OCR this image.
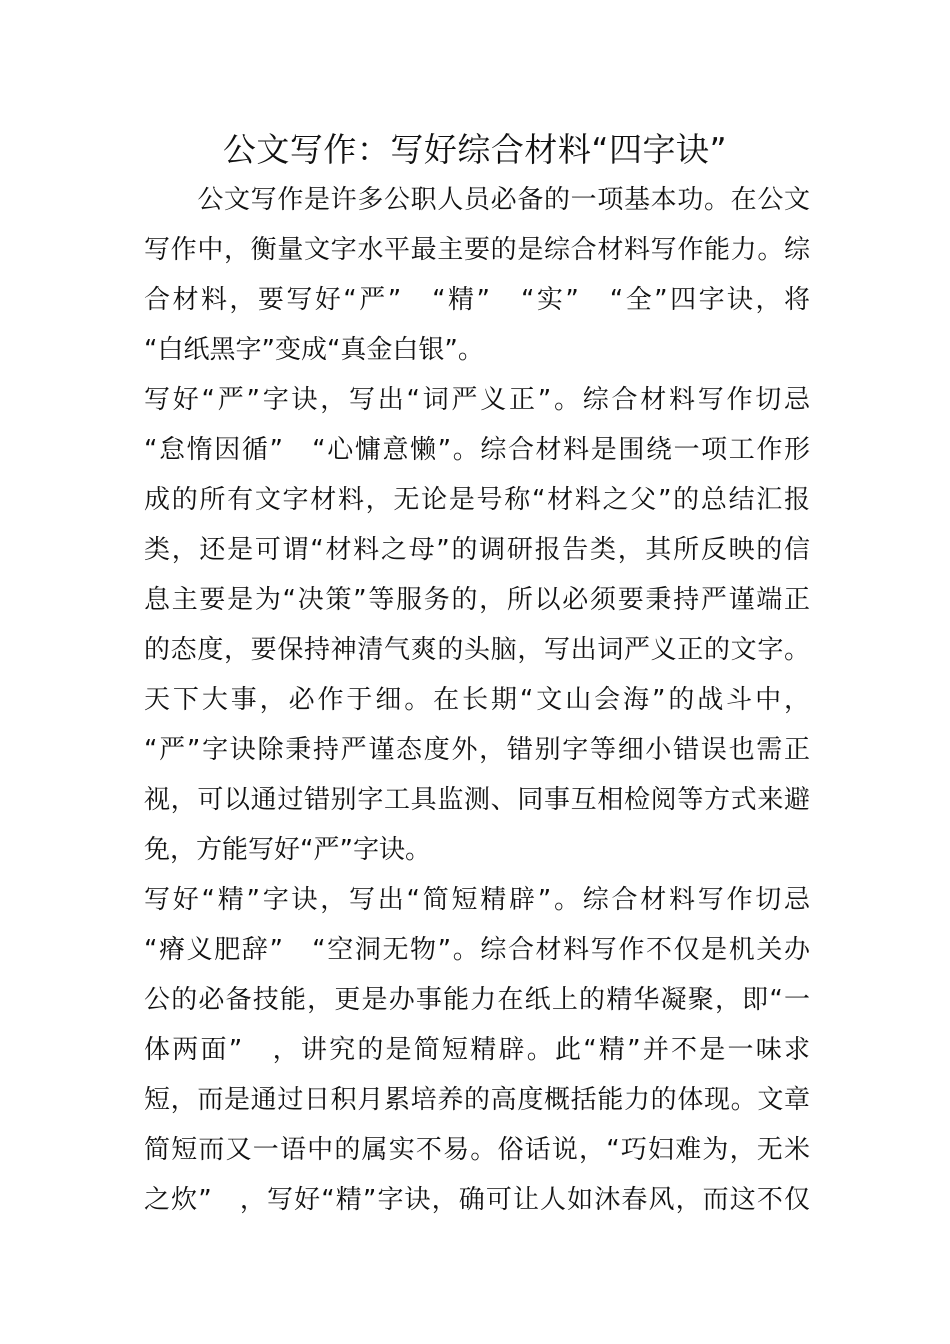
公文写作：写好综合材料“四字诀”

　　公文写作是许多公职人员必备的一项基本功。在公文

写作中，衡量文字水平最主要的是综合材料写作能力。综

合材料，要写好“严”　“精”　“实”　“全”四字诀，将

“白纸黑字”变成“真金白银”。

写好“严”字诀，写出“词严义正”。综合材料写作切忌

“怠惰因循”　“心慵意懒”。综合材料是围绕一项工作形

成的所有文字材料，无论是号称“材料之父”的总结汇报

类，还是可谓“材料之母”的调研报告类，其所反映的信

息主要是为“决策”等服务的，所以必须要秉持严谨端正

的态度，要保持神清气爽的头脑，写出词严义正的文字。

天下大事，必作于细。在长期“文山会海”的战斗中，

“严”字诀除秉持严谨态度外，错别字等细小错误也需正

视，可以通过错别字工具监测、同事互相检阅等方式来避

免，方能写好“严”字诀。

写好“精”字诀，写出“简短精辟”。综合材料写作切忌

“瘠义肥辞”　“空洞无物”。综合材料写作不仅是机关办

公的必备技能，更是办事能力在纸上的精华凝聚，即“一

体两面”　，讲究的是简短精辟。此“精”并不是一味求

短，而是通过日积月累培养的高度概括能力的体现。文章

简短而又一语中的属实不易。俗话说，“巧妇难为，无米

之炊”　，写好“精”字诀，确可让人如沐春风，而这不仅
